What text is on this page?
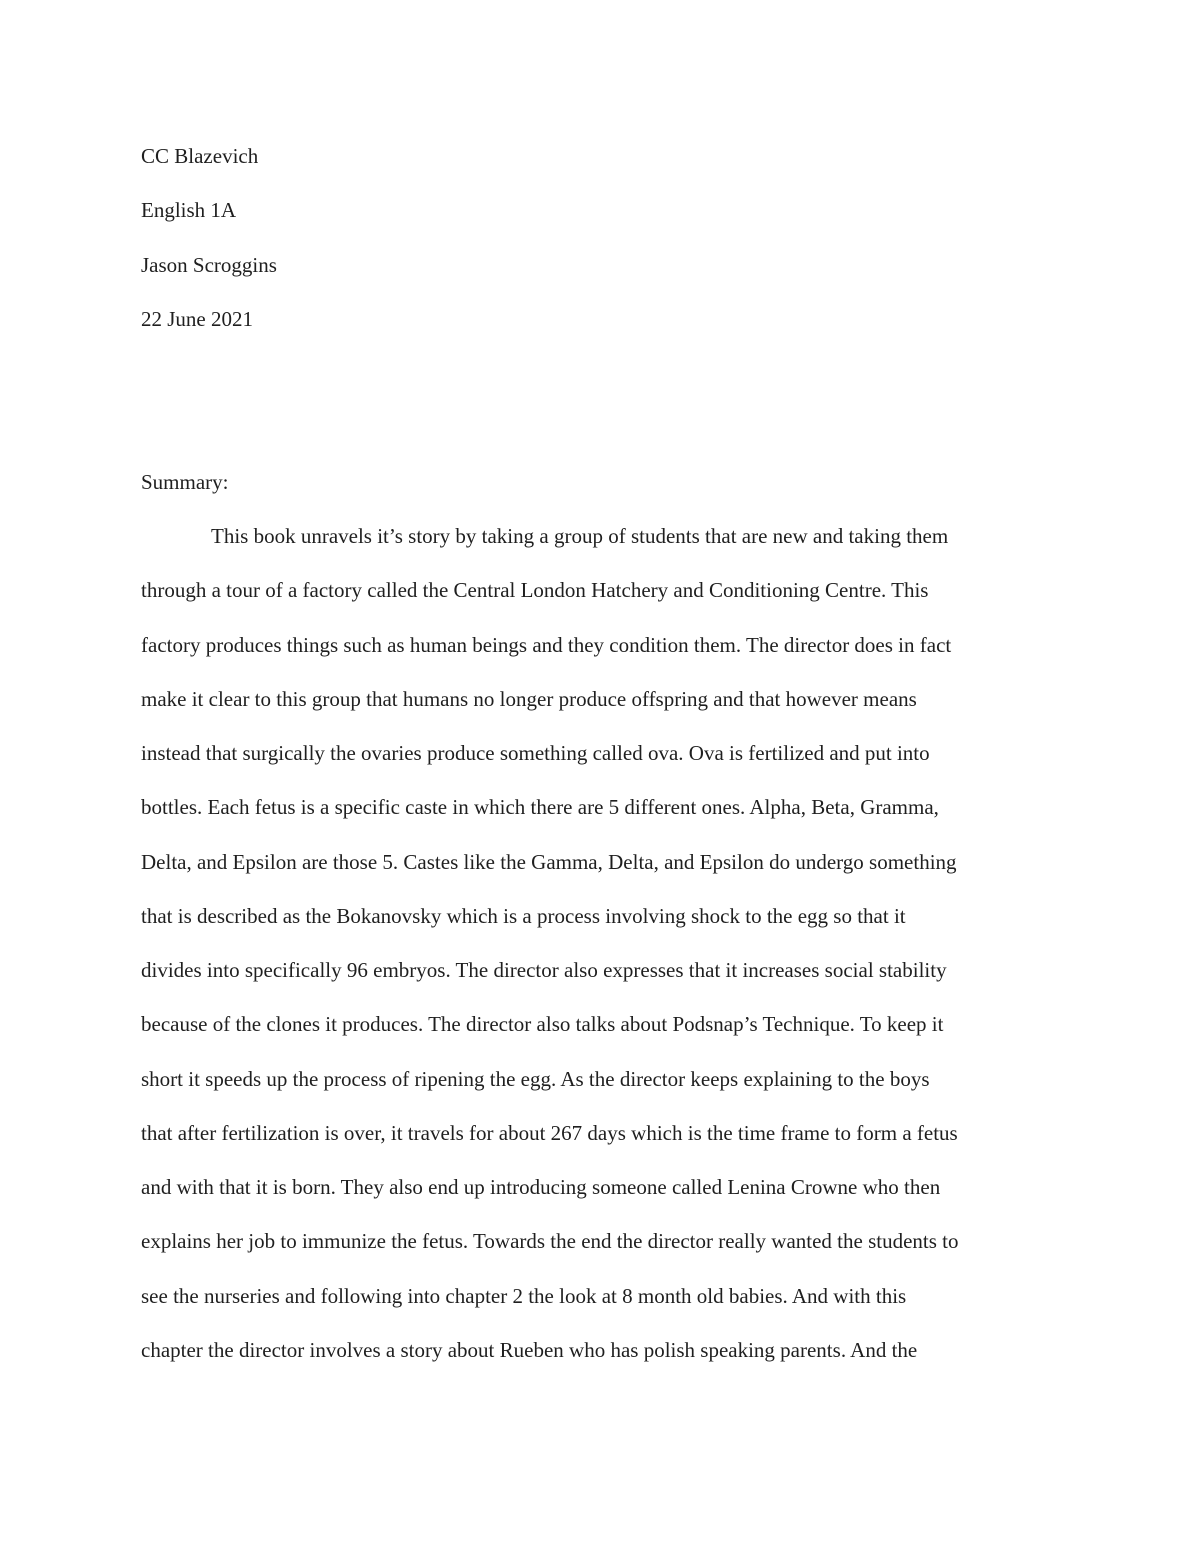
CC Blazevich
English 1A
Jason Scroggins
22 June 2021
Summary:
This book unravels it’s story by taking a group of students that are new and taking them
through a tour of a factory called the Central London Hatchery and Conditioning Centre. This
factory produces things such as human beings and they condition them. The director does in fact
make it clear to this group that humans no longer produce offspring and that however means
instead that surgically the ovaries produce something called ova. Ova is fertilized and put into
bottles. Each fetus is a specific caste in which there are 5 different ones. Alpha, Beta, Gramma,
Delta, and Epsilon are those 5. Castes like the Gamma, Delta, and Epsilon do undergo something
that is described as the Bokanovsky which is a process involving shock to the egg so that it
divides into specifically 96 embryos. The director also expresses that it increases social stability
because of the clones it produces. The director also talks about Podsnap’s Technique. To keep it
short it speeds up the process of ripening the egg. As the director keeps explaining to the boys
that after fertilization is over, it travels for about 267 days which is the time frame to form a fetus
and with that it is born. They also end up introducing someone called Lenina Crowne who then
explains her job to immunize the fetus. Towards the end the director really wanted the students to
see the nurseries and following into chapter 2 the look at 8 month old babies. And with this
chapter the director involves a story about Rueben who has polish speaking parents. And the
